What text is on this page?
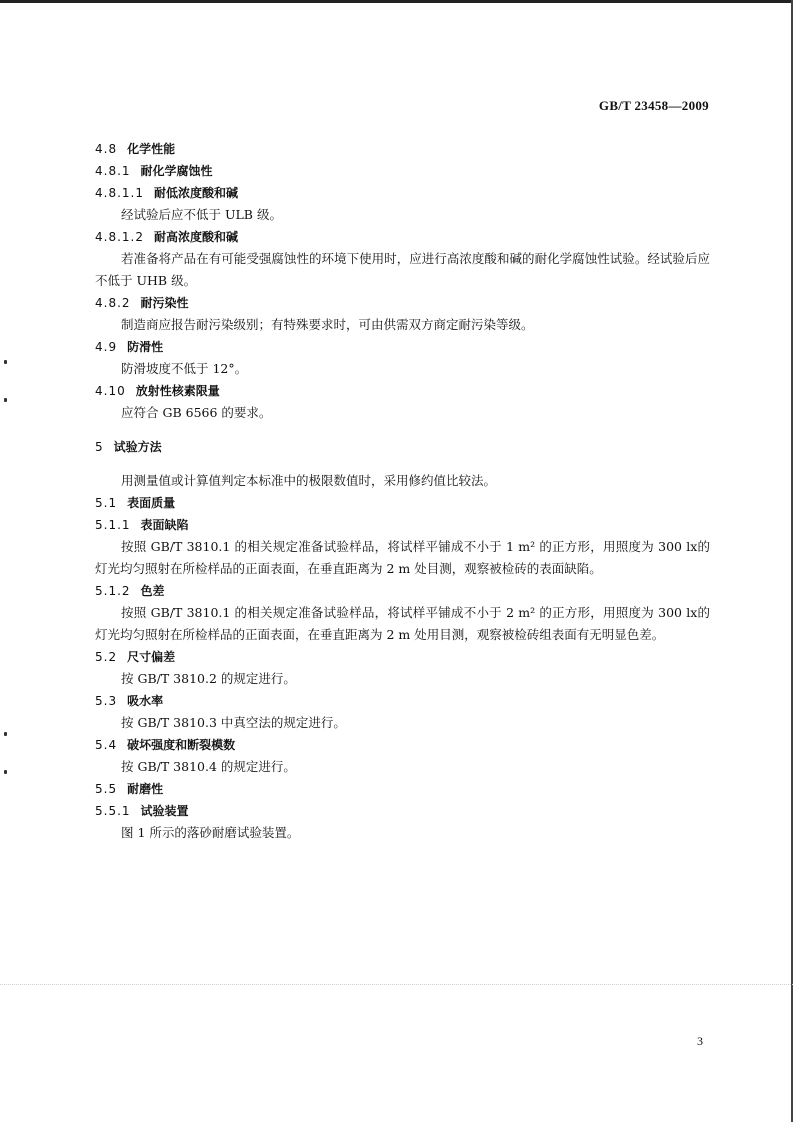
GB/T 23458—2009
4.8 化学性能
4.8.1 耐化学腐蚀性
4.8.1.1 耐低浓度酸和碱

经试验后应不低于 ULB 级。

4.8.1.2 耐高浓度酸和碱

若准备将产品在有可能受强腐蚀性的环境下使用时，应进行高浓度酸和碱的耐化学腐蚀性试验。经试验后应不低于 UHB 级。

4.8.2 耐污染性

制造商应报告耐污染级别；有特殊要求时，可由供需双方商定耐污染等级。

4.9 防滑性

防滑坡度不低于 12°。

4.10 放射性核素限量

应符合 GB 6566 的要求。

5 试验方法

用测量值或计算值判定本标准中的极限数值时，采用修约值比较法。

5.1 表面质量
5.1.1 表面缺陷

按照 GB/T 3810.1 的相关规定准备试验样品，将试样平铺成不小于 1 m² 的正方形，用照度为 300 lx的灯光均匀照射在所检样品的正面表面，在垂直距离为 2 m 处目测，观察被检砖的表面缺陷。

5.1.2 色差

按照 GB/T 3810.1 的相关规定准备试验样品，将试样平铺成不小于 2 m² 的正方形，用照度为 300 lx的灯光均匀照射在所检样品的正面表面，在垂直距离为 2 m 处用目测，观察被检砖组表面有无明显色差。

5.2 尺寸偏差

按 GB/T 3810.2 的规定进行。

5.3 吸水率

按 GB/T 3810.3 中真空法的规定进行。

5.4 破坏强度和断裂模数

按 GB/T 3810.4 的规定进行。

5.5 耐磨性
5.5.1 试验装置

图 1 所示的落砂耐磨试验装置。

3
